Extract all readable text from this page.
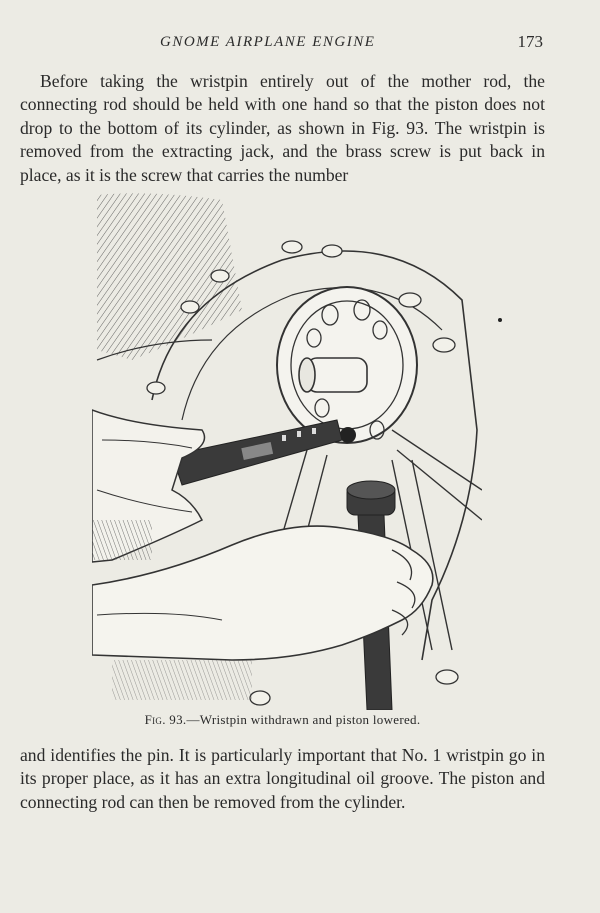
GNOME AIRPLANE ENGINE	173

Before taking the wristpin entirely out of the mother rod, the connecting rod should be held with one hand so that the piston does not drop to the bottom of its cylinder, as shown in Fig. 93. The wristpin is removed from the extracting jack, and the brass screw is put back in place, as it is the screw that carries the number

Fig. 93.—Wristpin withdrawn and piston lowered.

and identifies the pin. It is particularly important that No. 1 wristpin go in its proper place, as it has an extra longitudinal oil groove. The piston and connecting rod can then be removed from the cylinder.
